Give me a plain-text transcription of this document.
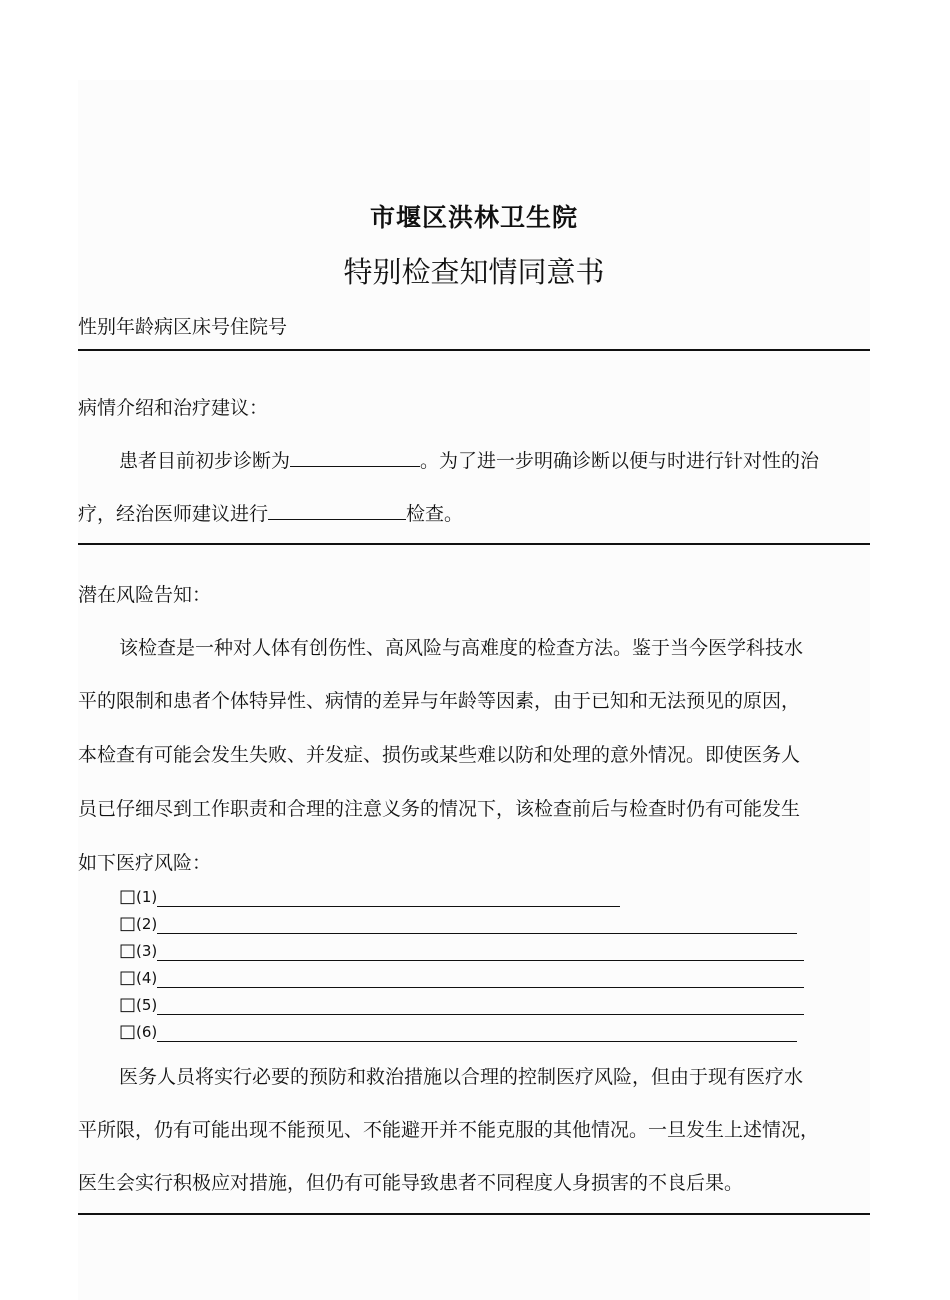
市堰区洪林卫生院
特别检查知情同意书
性别年龄病区床号住院号
病情介绍和治疗建议：
患者目前初步诊断为	。为了进一步明确诊断以便与时进行针对性的治
疗，经治医师建议进行	检查。
潜在风险告知：
该检查是一种对人体有创伤性、高风险与高难度的检查方法。鉴于当今医学科技水
平的限制和患者个体特异性、病情的差异与年龄等因素，由于已知和无法预见的原因，
本检查有可能会发生失败、并发症、损伤或某些难以防和处理的意外情况。即使医务人
员已仔细尽到工作职责和合理的注意义务的情况下，该检查前后与检查时仍有可能发生
如下医疗风险：
□(1)
□(2)
□(3)
□(4)
□(5)
□(6)
医务人员将实行必要的预防和救治措施以合理的控制医疗风险，但由于现有医疗水
平所限，仍有可能出现不能预见、不能避开并不能克服的其他情况。一旦发生上述情况，
医生会实行积极应对措施，但仍有可能导致患者不同程度人身损害的不良后果。
